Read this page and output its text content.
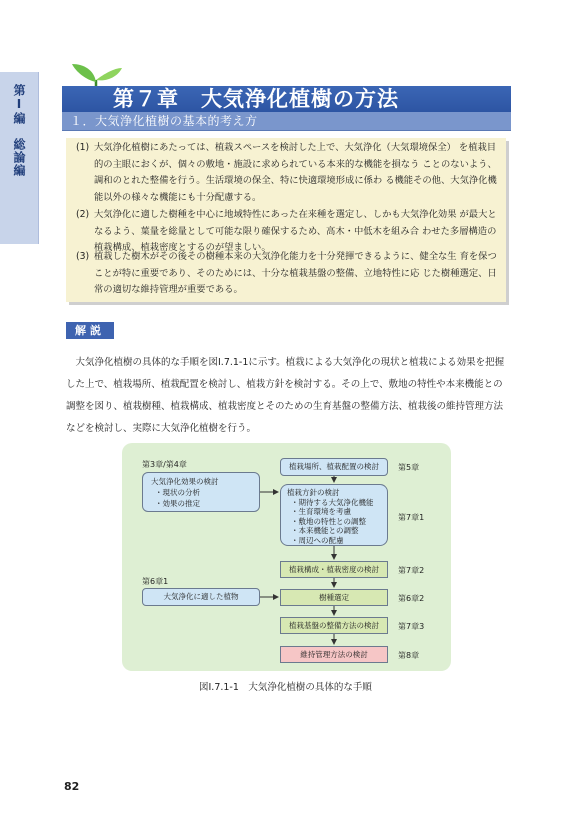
第Ⅰ編　総論編
第７章　大気浄化植樹の方法
１．大気浄化植樹の基本的考え方
(1) 大気浄化植樹にあたっては、植栽スペースを検討した上で、大気浄化（大気環境保全） を植栽目的の主眼におくが、個々の敷地・施設に求められている本来的な機能を損なう ことのないよう、調和のとれた整備を行う。生活環境の保全、特に快適環境形成に係わ る機能その他、大気浄化機能以外の様々な機能にも十分配慮する。
(2) 大気浄化に適した樹種を中心に地域特性にあった在来種を選定し、しかも大気浄化効果 が最大となるよう、葉量を総量として可能な限り確保するため、高木・中低木を組み合 わせた多層構造の植栽構成、植栽密度とするのが望ましい。
(3) 植栽した樹木がその後その樹種本来の大気浄化能力を十分発揮できるように、健全な生 育を保つことが特に重要であり、そのためには、十分な植栽基盤の整備、立地特性に応 じた樹種選定、日常の適切な維持管理が重要である。
解説
大気浄化植樹の具体的な手順を図Ⅰ.7.1-1に示す。植栽による大気浄化の現状と植栽による効果を把握した上で、植栽場所、植栽配置を検討し、植栽方針を検討する。その上で、敷地の特性や本来機能との調整を図り、植栽樹種、植栽構成、植栽密度とそのための生育基盤の整備方法、植栽後の維持管理方法などを検討し、実際に大気浄化植樹を行う。
第3章/第4章
大気浄化効果の検討
・現状の分析
・効果の推定
第6章1
大気浄化に適した植物
植栽場所、植栽配置の検討	第5章
植栽方針の検討
・期待する大気浄化機能
・生育環境を考慮
・敷地の特性との調整
・本来機能との調整
・周辺への配慮
第7章1
植栽構成・植栽密度の検討	第7章2
樹種選定	第6章2
植栽基盤の整備方法の検討	第7章3
維持管理方法の検討	第8章
図Ⅰ.7.1-1　大気浄化植樹の具体的な手順
82
